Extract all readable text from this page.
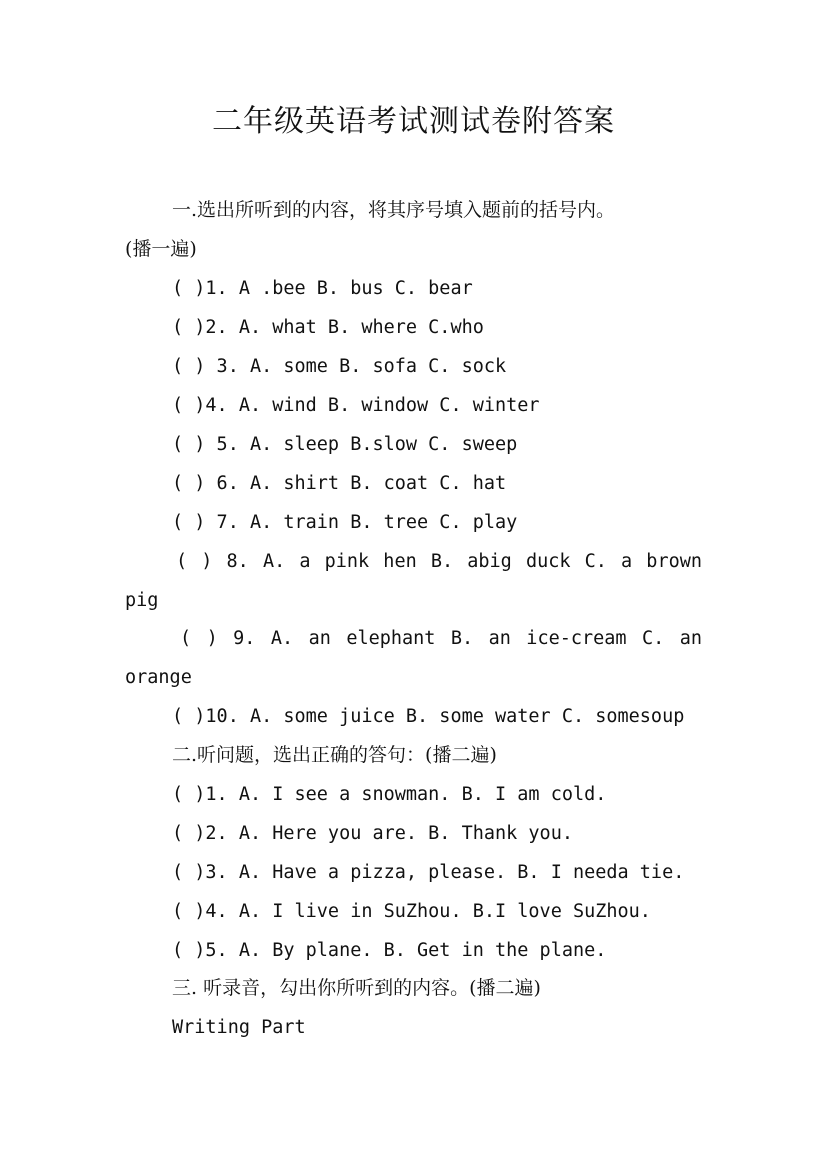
二年级英语考试测试卷附答案
一.选出所听到的内容，将其序号填入题前的括号内。
(播一遍)
( )1. A .bee B. bus C. bear
( )2. A. what B. where C.who
( ) 3. A. some B. sofa C. sock
( )4. A. wind B. window C. winter
( ) 5. A. sleep B.slow C. sweep
( ) 6. A. shirt B. coat C. hat
( ) 7. A. train B. tree C. play
( ) 8. A. a pink hen B. abig duck C. a brown
pig
( ) 9. A. an elephant B. an ice-cream C. an
orange
( )10. A. some juice B. some water C. somesoup
二.听问题，选出正确的答句：(播二遍)
( )1. A. I see a snowman. B. I am cold.
( )2. A. Here you are. B. Thank you.
( )3. A. Have a pizza, please. B. I needa tie.
( )4. A. I live in SuZhou. B.I love SuZhou.
( )5. A. By plane. B. Get in the plane.
三. 听录音，勾出你所听到的内容。(播二遍)
Writing Part
